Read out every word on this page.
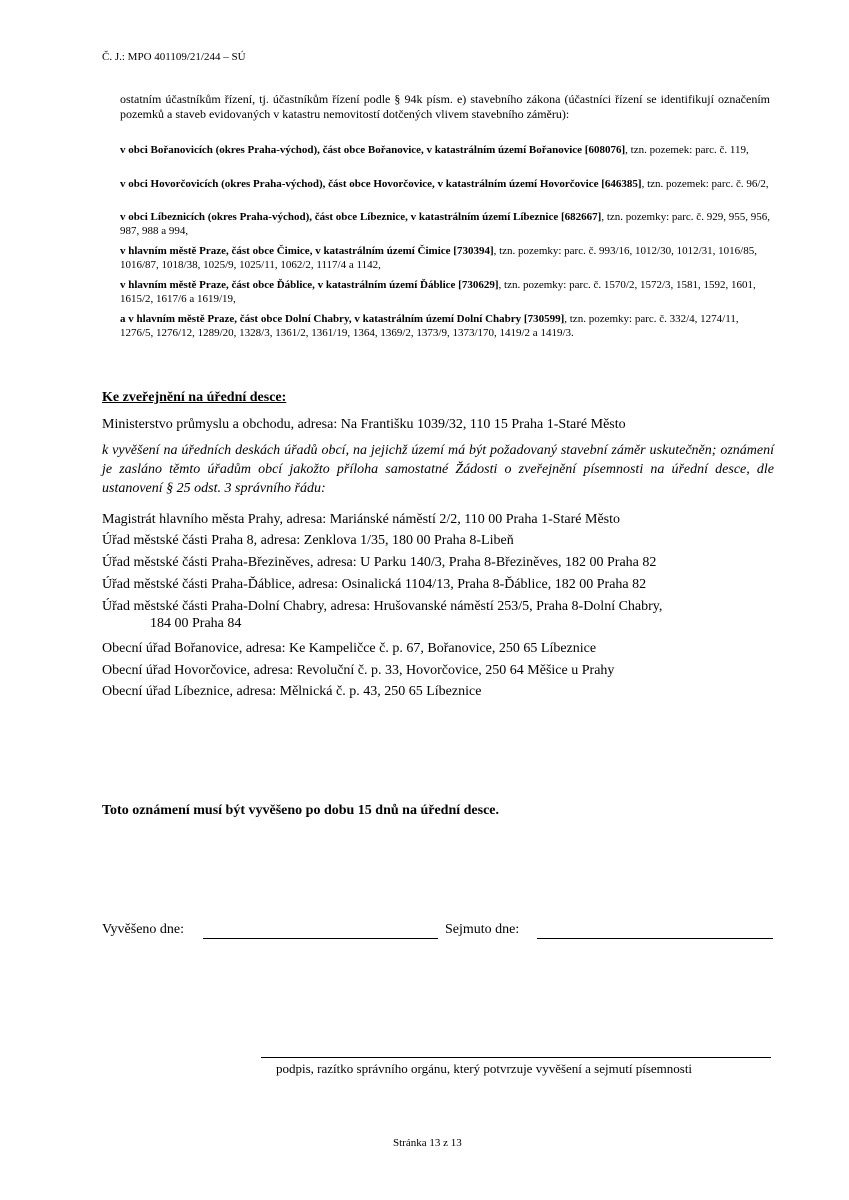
Č. J.: MPO 401109/21/244 – SÚ
ostatním účastníkům řízení, tj. účastníkům řízení podle § 94k písm. e) stavebního zákona (účastníci řízení se identifikují označením pozemků a staveb evidovaných v katastru nemovitostí dotčených vlivem stavebního záměru):
v obci Bořanovicích (okres Praha-východ), část obce Bořanovice, v katastrálním území Bořanovice [608076], tzn. pozemek: parc. č. 119,
v obci Hovorčovicích (okres Praha-východ), část obce Hovorčovice, v katastrálním území Hovorčovice [646385], tzn. pozemek: parc. č. 96/2,
v obci Líbeznicích (okres Praha-východ), část obce Líbeznice, v katastrálním území Líbeznice [682667], tzn. pozemky: parc. č. 929, 955, 956, 987, 988 a 994,
v hlavním městě Praze, část obce Čimice, v katastrálním území Čimice [730394], tzn. pozemky: parc. č. 993/16, 1012/30, 1012/31, 1016/85, 1016/87, 1018/38, 1025/9, 1025/11, 1062/2, 1117/4 a 1142,
v hlavním městě Praze, část obce Ďáblice, v katastrálním území Ďáblice [730629], tzn. pozemky: parc. č. 1570/2, 1572/3, 1581, 1592, 1601, 1615/2, 1617/6 a 1619/19,
a v hlavním městě Praze, část obce Dolní Chabry, v katastrálním území Dolní Chabry [730599], tzn. pozemky: parc. č. 332/4, 1274/11, 1276/5, 1276/12, 1289/20, 1328/3, 1361/2, 1361/19, 1364, 1369/2, 1373/9, 1373/170, 1419/2 a 1419/3.
Ke zveřejnění na úřední desce:
Ministerstvo průmyslu a obchodu, adresa: Na Františku 1039/32, 110 15 Praha 1-Staré Město
k vyvěšení na úředních deskách úřadů obcí, na jejichž území má být požadovaný stavební záměr uskutečněn; oznámení je zasláno těmto úřadům obcí jakožto příloha samostatné Žádosti o zveřejnění písemnosti na úřední desce, dle ustanovení § 25 odst. 3 správního řádu:
Magistrát hlavního města Prahy, adresa: Mariánské náměstí 2/2, 110 00 Praha 1-Staré Město
Úřad městské části Praha 8, adresa: Zenklova 1/35, 180 00 Praha 8-Libeň
Úřad městské části Praha-Březiněves, adresa: U Parku 140/3, Praha 8-Březiněves, 182 00 Praha 82
Úřad městské části Praha-Ďáblice, adresa: Osinalická 1104/13, Praha 8-Ďáblice, 182 00 Praha 82
Úřad městské části Praha-Dolní Chabry, adresa: Hrušovanské náměstí 253/5, Praha 8-Dolní Chabry,
184 00 Praha 84
Obecní úřad Bořanovice, adresa: Ke Kampeličce č. p. 67, Bořanovice, 250 65 Líbeznice
Obecní úřad Hovorčovice, adresa: Revoluční č. p. 33, Hovorčovice, 250 64 Měšice u Prahy
Obecní úřad Líbeznice, adresa: Mělnická č. p. 43, 250 65 Líbeznice
Toto oznámení musí být vyvěšeno po dobu 15 dnů na úřední desce.
Vyvěšeno dne:	Sejmuto dne:
podpis, razítko správního orgánu, který potvrzuje vyvěšení a sejmutí písemnosti
Stránka 13 z 13
